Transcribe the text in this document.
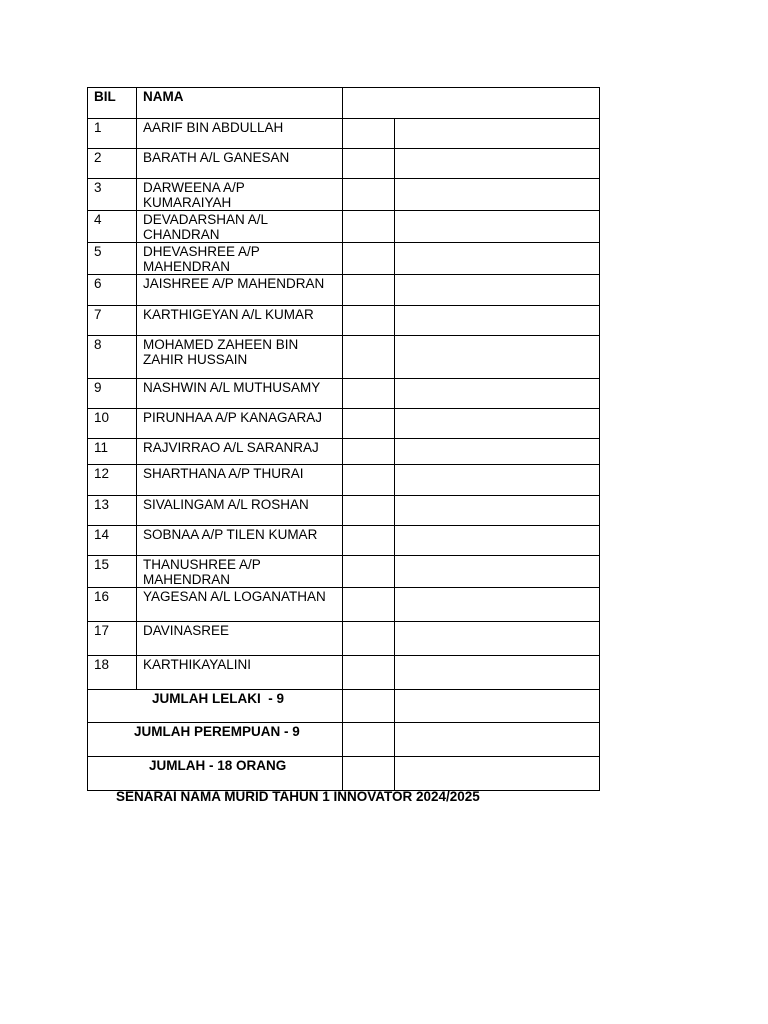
BIL	NAMA		
1	AARIF BIN ABDULLAH		
2	BARATH A/L GANESAN		
3	DARWEENA A/P KUMARAIYAH		
4	DEVADARSHAN A/L CHANDRAN		
5	DHEVASHREE A/P MAHENDRAN		
6	JAISHREE A/P MAHENDRAN		
7	KARTHIGEYAN A/L KUMAR		
8	MOHAMED ZAHEEN BIN ZAHIR HUSSAIN		
9	NASHWIN A/L MUTHUSAMY		
10	PIRUNHAA A/P KANAGARAJ		
11	RAJVIRRAO A/L SARANRAJ		
12	SHARTHANA A/P THURAI		
13	SIVALINGAM A/L ROSHAN		
14	SOBNAA A/P TILEN KUMAR		
15	THANUSHREE A/P MAHENDRAN		
16	YAGESAN A/L LOGANATHAN		
17	DAVINASREE		
18	KARTHIKAYALINI		

JUMLAH LELAKI  - 9			

JUMLAH PEREMPUAN - 9			

JUMLAH - 18 ORANG			

SENARAI NAMA MURID TAHUN 1 INNOVATOR 2024/2025
